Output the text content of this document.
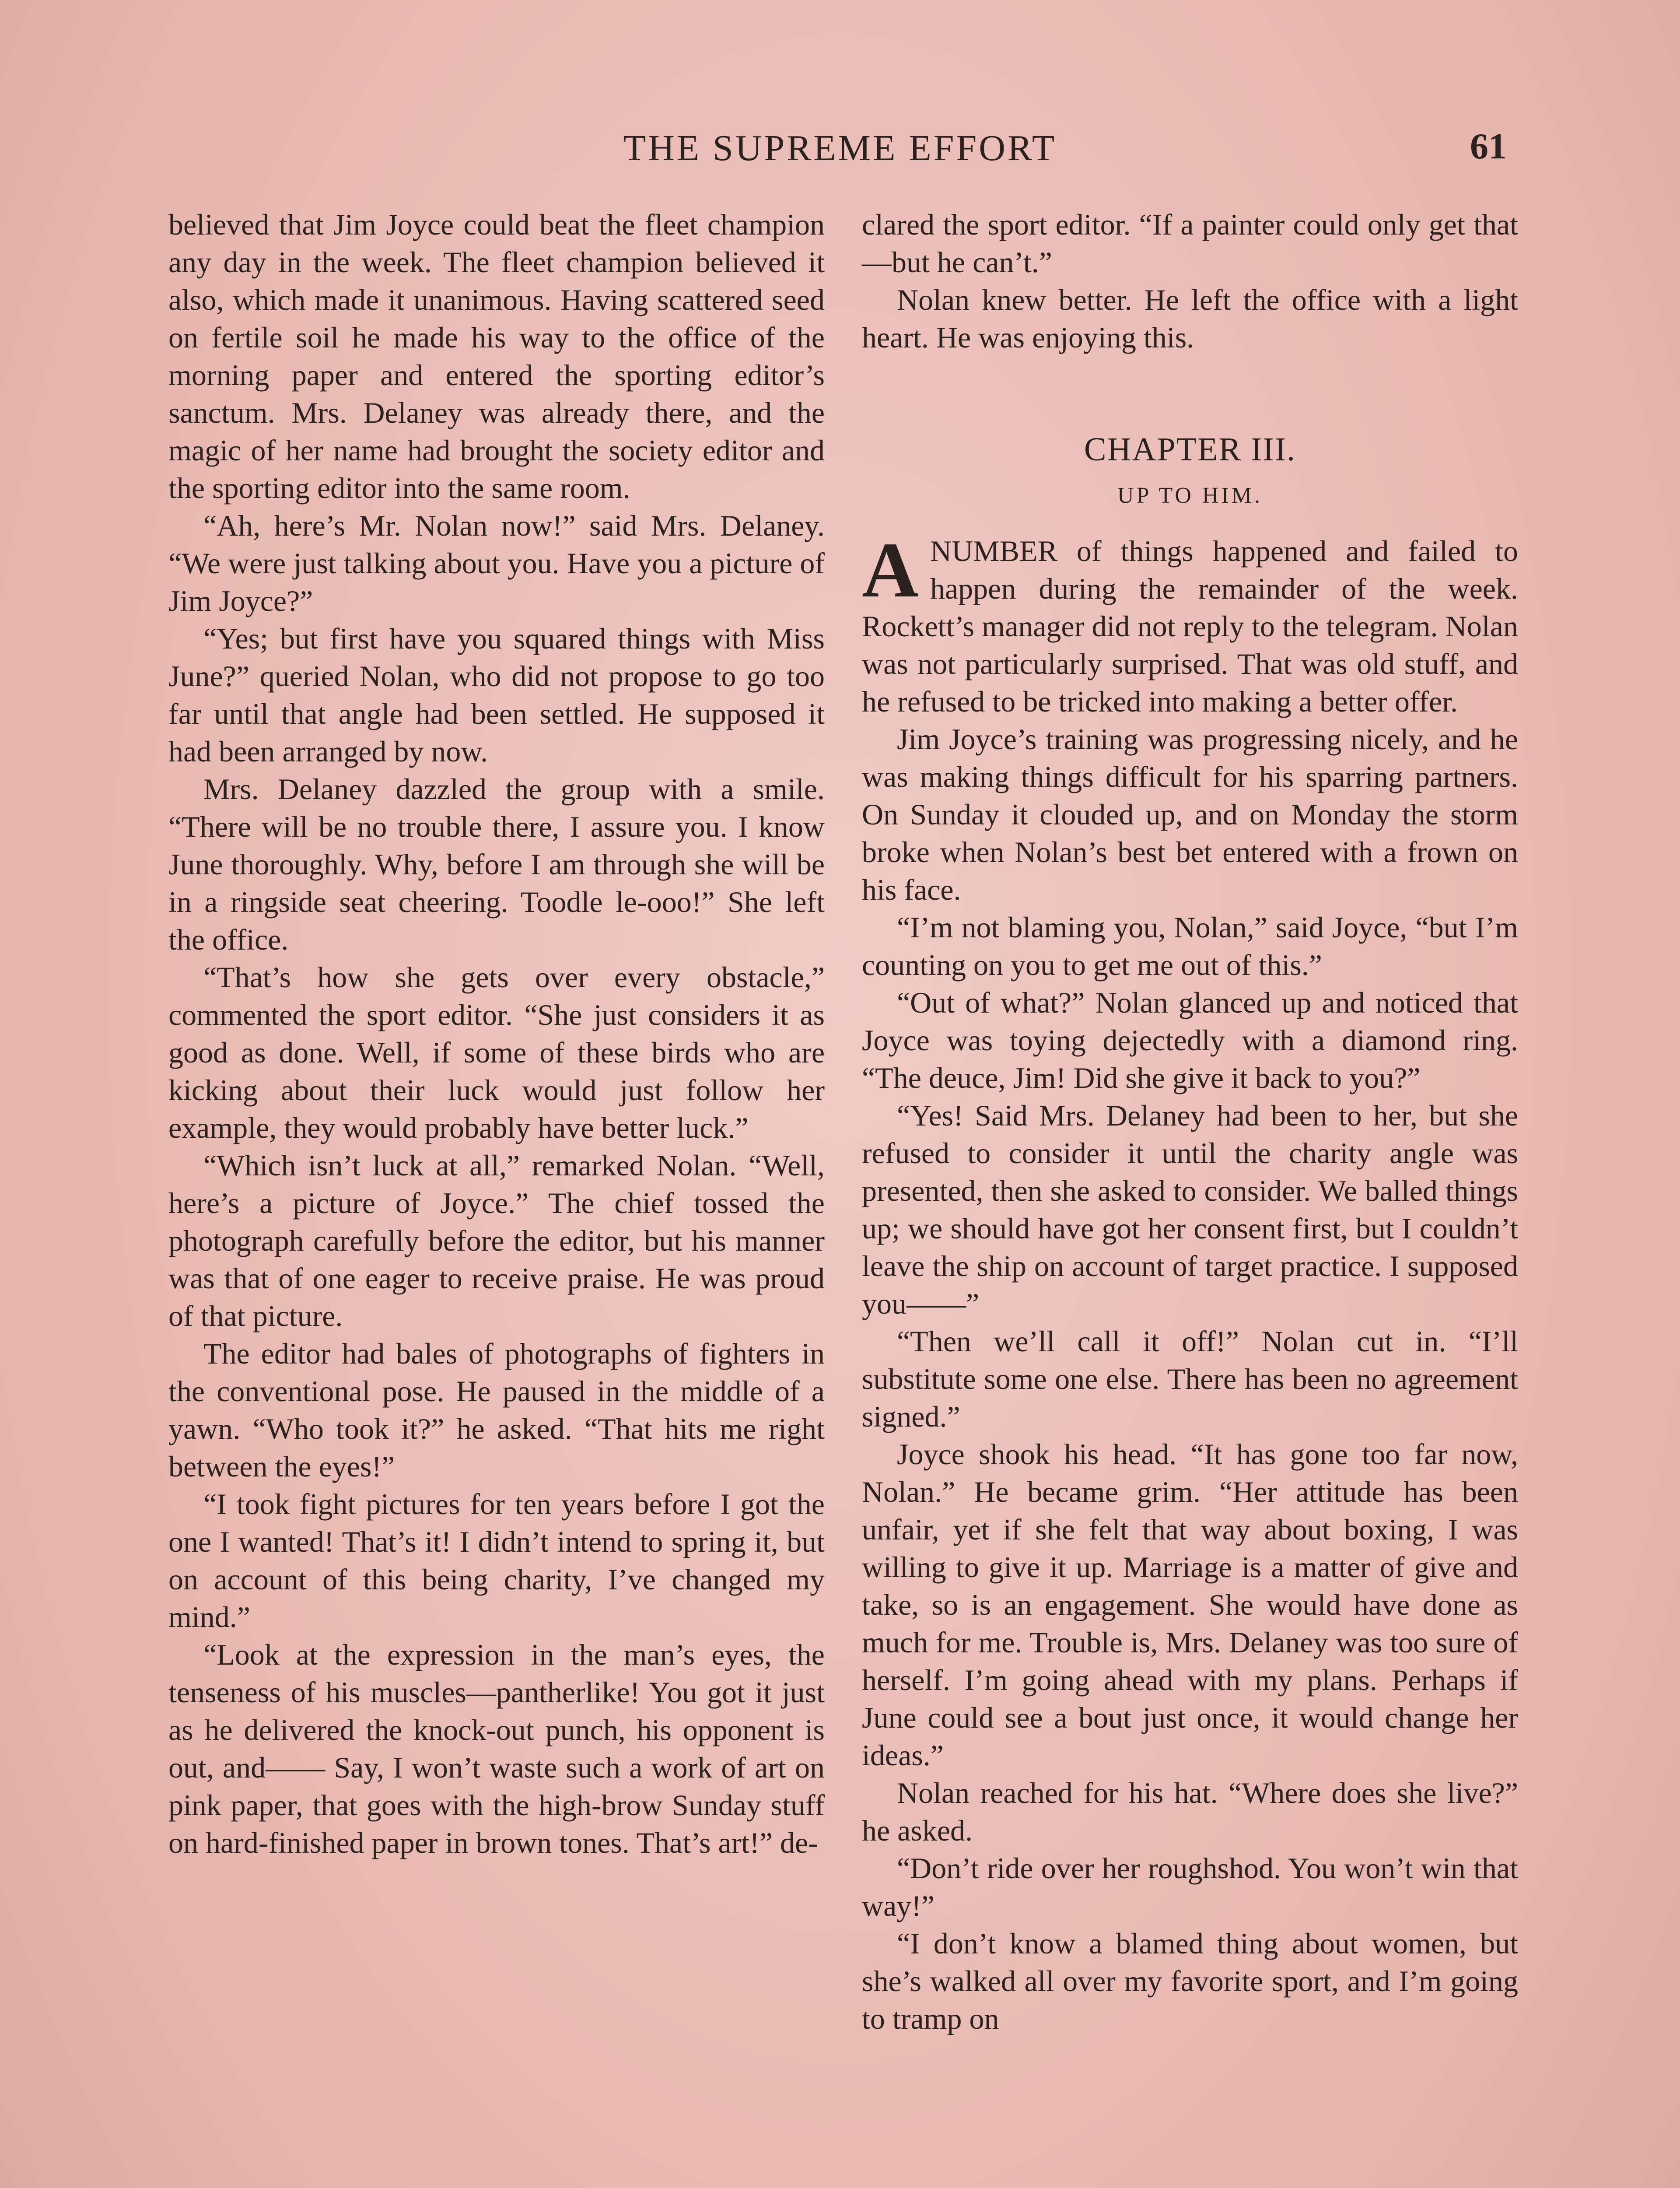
THE SUPREME EFFORT	61

believed that Jim Joyce could beat the fleet champion any day in the week. The fleet champion believed it also, which made it unanimous. Having scattered seed on fertile soil he made his way to the office of the morning paper and entered the sporting editor’s sanctum. Mrs. Delaney was already there, and the magic of her name had brought the society editor and the sporting editor into the same room.

“Ah, here’s Mr. Nolan now!” said Mrs. Delaney. “We were just talking about you. Have you a picture of Jim Joyce?”

“Yes; but first have you squared things with Miss June?” queried Nolan, who did not propose to go too far until that angle had been settled. He supposed it had been arranged by now.

Mrs. Delaney dazzled the group with a smile. “There will be no trouble there, I assure you. I know June thoroughly. Why, before I am through she will be in a ringside seat cheering. Toodle le-ooo!” She left the office.

“That’s how she gets over every obstacle,” commented the sport editor. “She just considers it as good as done. Well, if some of these birds who are kicking about their luck would just follow her example, they would probably have better luck.”

“Which isn’t luck at all,” remarked Nolan. “Well, here’s a picture of Joyce.” The chief tossed the photograph carefully before the editor, but his manner was that of one eager to receive praise. He was proud of that picture.

The editor had bales of photographs of fighters in the conventional pose. He paused in the middle of a yawn. “Who took it?” he asked. “That hits me right between the eyes!”

“I took fight pictures for ten years before I got the one I wanted! That’s it! I didn’t intend to spring it, but on account of this being charity, I’ve changed my mind.”

“Look at the expression in the man’s eyes, the tenseness of his muscles—pantherlike! You got it just as he delivered the knock-out punch, his opponent is out, and—— Say, I won’t waste such a work of art on pink paper, that goes with the high-brow Sunday stuff on hard-finished paper in brown tones. That’s art!” de-

clared the sport editor. “If a painter could only get that—but he can’t.”

Nolan knew better. He left the office with a light heart. He was enjoying this.

CHAPTER III.
UP TO HIM.

ANUMBER of things happened and failed to happen during the remainder of the week. Rockett’s manager did not reply to the telegram. Nolan was not particularly surprised. That was old stuff, and he refused to be tricked into making a better offer.

Jim Joyce’s training was progressing nicely, and he was making things difficult for his sparring partners. On Sunday it clouded up, and on Monday the storm broke when Nolan’s best bet entered with a frown on his face.

“I’m not blaming you, Nolan,” said Joyce, “but I’m counting on you to get me out of this.”

“Out of what?” Nolan glanced up and noticed that Joyce was toying dejectedly with a diamond ring. “The deuce, Jim! Did she give it back to you?”

“Yes! Said Mrs. Delaney had been to her, but she refused to consider it until the charity angle was presented, then she asked to consider. We balled things up; we should have got her consent first, but I couldn’t leave the ship on account of target practice. I supposed you——”

“Then we’ll call it off!” Nolan cut in. “I’ll substitute some one else. There has been no agreement signed.”

Joyce shook his head. “It has gone too far now, Nolan.” He became grim. “Her attitude has been unfair, yet if she felt that way about boxing, I was willing to give it up. Marriage is a matter of give and take, so is an engagement. She would have done as much for me. Trouble is, Mrs. Delaney was too sure of herself. I’m going ahead with my plans. Perhaps if June could see a bout just once, it would change her ideas.”

Nolan reached for his hat. “Where does she live?” he asked.

“Don’t ride over her roughshod. You won’t win that way!”

“I don’t know a blamed thing about women, but she’s walked all over my favorite sport, and I’m going to tramp on
